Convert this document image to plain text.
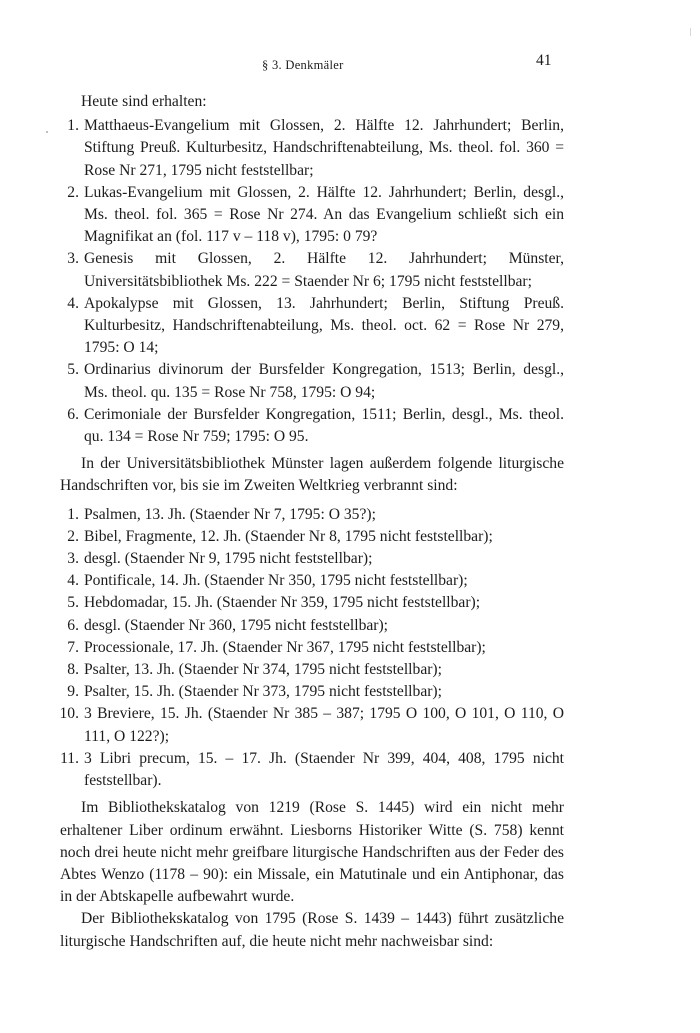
§ 3. Denkmäler	41

Heute sind erhalten:

1. Matthaeus-Evangelium mit Glossen, 2. Hälfte 12. Jahrhundert; Berlin, Stiftung Preuß. Kulturbesitz, Handschriftenabteilung, Ms. theol. fol. 360 = Rose Nr 271, 1795 nicht feststellbar;
2. Lukas-Evangelium mit Glossen, 2. Hälfte 12. Jahrhundert; Berlin, desgl., Ms. theol. fol. 365 = Rose Nr 274. An das Evangelium schließt sich ein Magnifikat an (fol. 117 v – 118 v), 1795: 0 79?
3. Genesis mit Glossen, 2. Hälfte 12. Jahrhundert; Münster, Universitätsbibliothek Ms. 222 = Staender Nr 6; 1795 nicht feststellbar;
4. Apokalypse mit Glossen, 13. Jahrhundert; Berlin, Stiftung Preuß. Kulturbesitz, Handschriftenabteilung, Ms. theol. oct. 62 = Rose Nr 279, 1795: O 14;
5. Ordinarius divinorum der Bursfelder Kongregation, 1513; Berlin, desgl., Ms. theol. qu. 135 = Rose Nr 758, 1795: O 94;
6. Cerimoniale der Bursfelder Kongregation, 1511; Berlin, desgl., Ms. theol. qu. 134 = Rose Nr 759; 1795: O 95.

In der Universitätsbibliothek Münster lagen außerdem folgende liturgische Handschriften vor, bis sie im Zweiten Weltkrieg verbrannt sind:

1. Psalmen, 13. Jh. (Staender Nr 7, 1795: O 35?);
2. Bibel, Fragmente, 12. Jh. (Staender Nr 8, 1795 nicht feststellbar);
3. desgl. (Staender Nr 9, 1795 nicht feststellbar);
4. Pontificale, 14. Jh. (Staender Nr 350, 1795 nicht feststellbar);
5. Hebdomadar, 15. Jh. (Staender Nr 359, 1795 nicht feststellbar);
6. desgl. (Staender Nr 360, 1795 nicht feststellbar);
7. Processionale, 17. Jh. (Staender Nr 367, 1795 nicht feststellbar);
8. Psalter, 13. Jh. (Staender Nr 374, 1795 nicht feststellbar);
9. Psalter, 15. Jh. (Staender Nr 373, 1795 nicht feststellbar);
10. 3 Breviere, 15. Jh. (Staender Nr 385 – 387; 1795 O 100, O 101, O 110, O 111, O 122?);
11. 3 Libri precum, 15. – 17. Jh. (Staender Nr 399, 404, 408, 1795 nicht feststellbar).

Im Bibliothekskatalog von 1219 (Rose S. 1445) wird ein nicht mehr erhaltener Liber ordinum erwähnt. Liesborns Historiker Witte (S. 758) kennt noch drei heute nicht mehr greifbare liturgische Handschriften aus der Feder des Abtes Wenzo (1178 – 90): ein Missale, ein Matutinale und ein Antiphonar, das in der Abtskapelle aufbewahrt wurde.

Der Bibliothekskatalog von 1795 (Rose S. 1439 – 1443) führt zusätzliche liturgische Handschriften auf, die heute nicht mehr nachweisbar sind:
